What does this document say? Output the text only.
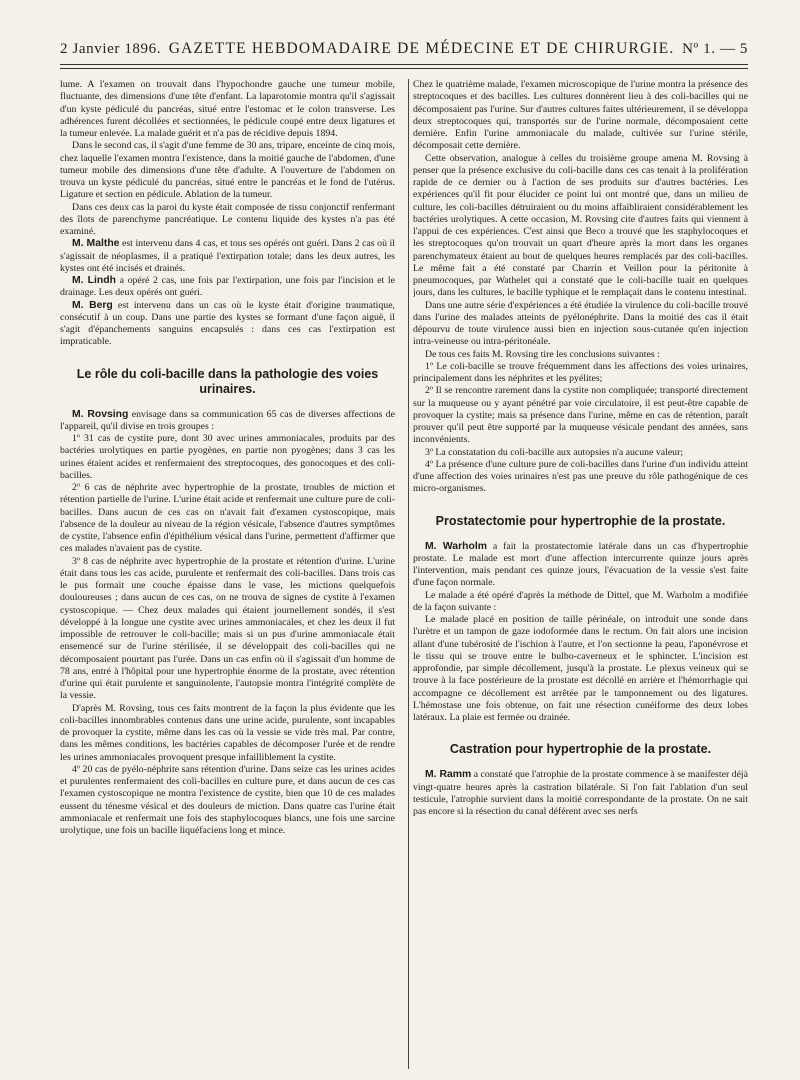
2 Janvier 1896. GAZETTE HEBDOMADAIRE DE MÉDECINE ET DE CHIRURGIE. Nº 1. — 5

lume. A l'examen on trouvait dans l'hypochondre gauche une tumeur mobile, fluctuante, des dimensions d'une tête d'enfant. La laparotomie montra qu'il s'agissait d'un kyste pédiculé du pancréas, situé entre l'estomac et le colon transverse. Les adhérences furent décollées et sectionnées, le pédicule coupé entre deux ligatures et la tumeur enlevée. La malade guérit et n'a pas de récidive depuis 1894.

Dans le second cas, il s'agit d'une femme de 30 ans, tripare, enceinte de cinq mois, chez laquelle l'examen montra l'existence, dans la moitié gauche de l'abdomen, d'une tumeur mobile des dimensions d'une tête d'adulte. A l'ouverture de l'abdomen on trouva un kyste pédiculé du pancréas, situé entre le pancréas et le fond de l'utérus. Ligature et section en pédicule. Ablation de la tumeur.

Dans ces deux cas la paroi du kyste était composée de tissu conjonctif renfermant des îlots de parenchyme pancréatique. Le contenu liquide des kystes n'a pas été examiné.

M. Malthe est intervenu dans 4 cas, et tous ses opérés ont guéri. Dans 2 cas où il s'agissait de néoplasmes, il a pratiqué l'extirpation totale; dans les deux autres, les kystes ont été incisés et drainés.

M. Lindh a opéré 2 cas, une fois par l'extirpation, une fois par l'incision et le drainage. Les deux opérés ont guéri.

M. Berg est intervenu dans un cas où le kyste était d'origine traumatique, consécutif à un coup. Dans une partie des kystes se formant d'une façon aiguë, il s'agit d'épanchements sanguins encapsulés : dans ces cas l'extirpation est impraticable.

Le rôle du coli-bacille dans la pathologie des voies urinaires.

M. Rovsing envisage dans sa communication 65 cas de diverses affections de l'appareil, qu'il divise en trois groupes :

1º 31 cas de cystite pure, dont 30 avec urines ammoniacales, produits par des bactéries urolytiques en partie pyogènes, en partie non pyogènes; dans 3 cas les urines étaient acides et renfermaient des streptocoques, des gonocoques et des coli-bacilles.

2º 6 cas de néphrite avec hypertrophie de la prostate, troubles de miction et rétention partielle de l'urine. L'urine était acide et renfermait une culture pure de coli-bacilles. Dans aucun de ces cas on n'avait fait d'examen cystoscopique, mais l'absence de la douleur au niveau de la région vésicale, l'absence d'autres symptômes de cystite, l'absence enfin d'épithélium vésical dans l'urine, permettent d'affirmer que ces malades n'avaient pas de cystite.

3º 8 cas de néphrite avec hypertrophie de la prostate et rétention d'urine. L'urine était dans tous les cas acide, purulente et renfermait des coli-bacilles. Dans trois cas le pus formait une couche épaisse dans le vase, les mictions quelquefois douloureuses ; dans aucun de ces cas, on ne trouva de signes de cystite à l'examen cystoscopique. — Chez deux malades qui étaient journellement sondés, il s'est développé à la longue une cystite avec urines ammoniacales, et chez les deux il fut impossible de retrouver le coli-bacille; mais si un pus d'urine ammoniacale était ensemencé sur de l'urine stérilisée, il se développait des coli-bacilles qui ne décomposaient pourtant pas l'urée. Dans un cas enfin où il s'agissait d'un homme de 78 ans, entré à l'hôpital pour une hypertrophie énorme de la prostate, avec rétention d'urine qui était purulente et sanguinolente, l'autopsie montra l'intégrité complète de la vessie.

D'après M. Rovsing, tous ces faits montrent de la façon la plus évidente que les coli-bacilles innombrables contenus dans une urine acide, purulente, sont incapables de provoquer la cystite, même dans les cas où la vessie se vide très mal. Par contre, dans les mêmes conditions, les bactéries capables de décomposer l'urée et de rendre les urines ammoniacales provoquent presque infailliblement la cystite.

4º 20 cas de pyélo-néphrite sans rétention d'urine. Dans seize cas les urines acides et purulentes renfermaient des coli-bacilles en culture pure, et dans aucun de ces cas l'examen cystoscopique ne montra l'existence de cystite, bien que 10 de ces malades eussent du ténesme vésical et des douleurs de miction. Dans quatre cas l'urine était ammoniacale et renfermait une fois des staphylocoques blancs, une fois une sarcine urolytique, une fois un bacille liquéfaciens long et mince.

Chez le quatrième malade, l'examen microscopique de l'urine montra la présence des streptocoques et des bacilles. Les cultures donnèrent lieu à des coli-bacilles qui ne décomposaient pas l'urine. Sur d'autres cultures faites ultérieurement, il se développa deux streptocoques qui, transportés sur de l'urine normale, décomposaient cette dernière. Enfin l'urine ammoniacale du malade, cultivée sur l'urine stérile, décomposait cette dernière.

Cette observation, analogue à celles du troisième groupe amena M. Rovsing à penser que la présence exclusive du coli-bacille dans ces cas tenait à la prolifération rapide de ce dernier ou à l'action de ses produits sur d'autres bactéries. Les expériences qu'il fit pour élucider ce point lui ont montré que, dans un milieu de culture, les coli-bacilles détruiraient ou du moins affaibliraient considérablement les bactéries urolytiques. A cette occasion, M. Rovsing cite d'autres faits qui viennent à l'appui de ces expériences. C'est ainsi que Beco a trouvé que les staphylocoques et les streptocoques qu'on trouvait un quart d'heure après la mort dans les organes parenchymateux étaient au bout de quelques heures remplacés par des coli-bacilles. Le même fait a été constaté par Charrin et Veillon pour la péritonite à pneumocoques, par Wathelet qui a constaté que le coli-bacille tuait en quelques jours, dans les cultures, le bacille typhique et le remplaçait dans le contenu intestinal.

Dans une autre série d'expériences a été étudiée la virulence du coli-bacille trouvé dans l'urine des malades atteints de pyélonéphrite. Dans la moitié des cas il était dépourvu de toute virulence aussi bien en injection sous-cutanée qu'en injection intra-veineuse ou intra-péritonéale.

De tous ces faits M. Rovsing tire les conclusions suivantes :

1º Le coli-bacille se trouve fréquemment dans les affections des voies urinaires, principalement dans les néphrites et les pyélites;

2º Il se rencontre rarement dans la cystite non compliquée; transporté directement sur la muqueuse ou y ayant pénétré par voie circulatoire, il est peut-être capable de provoquer la cystite; mais sa présence dans l'urine, même en cas de rétention, paraît prouver qu'il peut être supporté par la muqueuse vésicale pendant des années, sans inconvénients.

3º La constatation du coli-bacille aux autopsies n'a aucune valeur;

4º La présence d'une culture pure de coli-bacilles dans l'urine d'un individu atteint d'une affection des voies urinaires n'est pas une preuve du rôle pathogénique de ces micro-organismes.

Prostatectomie pour hypertrophie de la prostate.

M. Warholm a fait la prostatectomie latérale dans un cas d'hypertrophie prostate. Le malade est mort d'une affection intercurrente quinze jours après l'intervention, mais pendant ces quinze jours, l'évacuation de la vessie s'est faite d'une façon normale.

Le malade a été opéré d'après la méthode de Dittel, que M. Warholm a modifiée de la façon suivante :

Le malade placé en position de taille périnéale, on introduit une sonde dans l'urètre et un tampon de gaze iodoformée dans le rectum. On fait alors une incision allant d'une tubérosité de l'ischion à l'autre, et l'on sectionne la peau, l'aponévrose et le tissu qui se trouve entre le bulbo-caverneux et le sphincter. L'incision est approfondie, par simple décollement, jusqu'à la prostate. Le plexus veineux qui se trouve à la face postérieure de la prostate est décollé en arrière et l'hémorrhagie qui accompagne ce décollement est arrêtée par le tamponnement ou des ligatures. L'hémostase une fois obtenue, on fait une résection cunéiforme des deux lobes latéraux. La plaie est fermée ou drainée.

Castration pour hypertrophie de la prostate.

M. Ramm a constaté que l'atrophie de la prostate commence à se manifester déjà vingt-quatre heures après la castration bilatérale. Si l'on fait l'ablation d'un seul testicule, l'atrophie survient dans la moitié correspondante de la prostate. On ne sait pas encore si la résection du canal déférent avec ses nerfs
